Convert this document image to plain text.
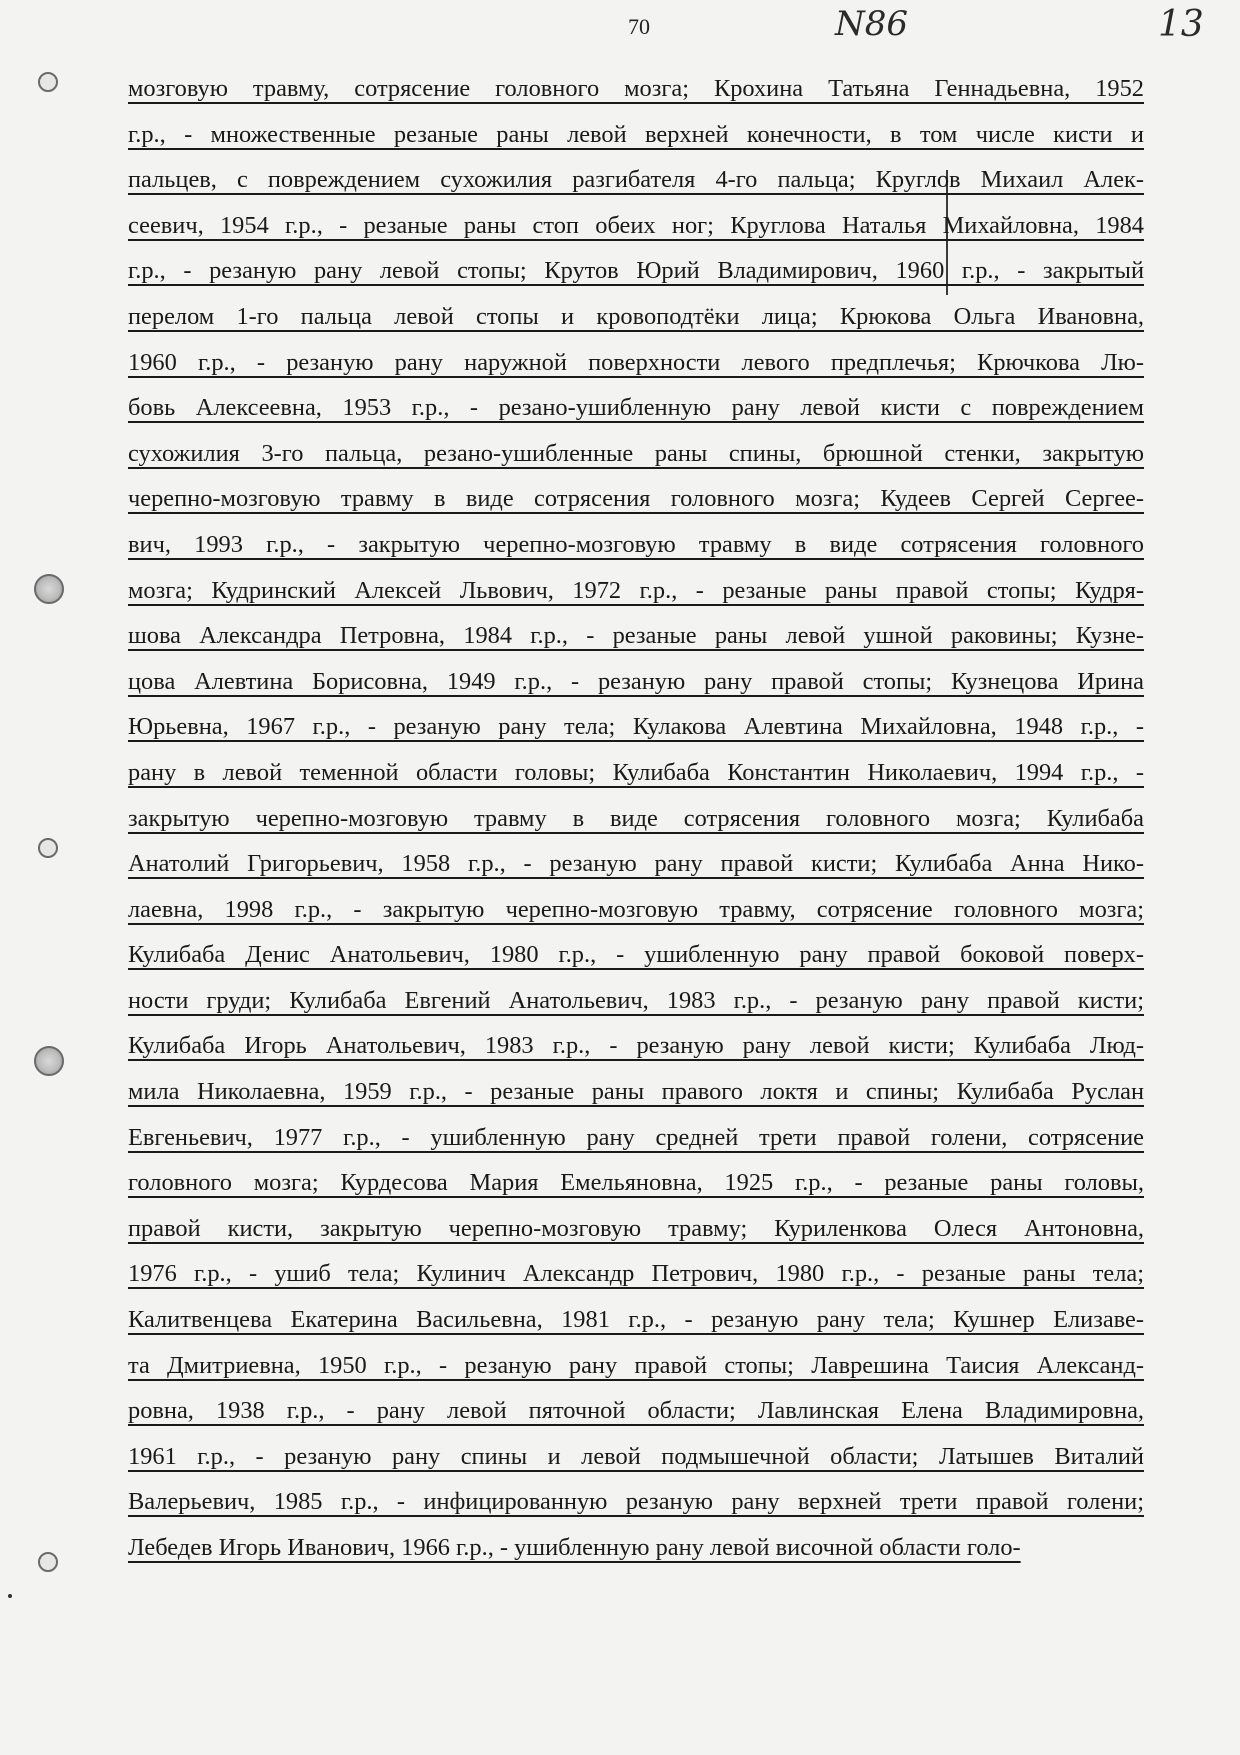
70	N86	13
мозговую травму, сотрясение головного мозга; Крохина Татьяна Геннадьевна, 1952
г.р., - множественные резаные раны левой верхней конечности, в том числе кисти и
пальцев, с повреждением сухожилия разгибателя 4-го пальца; Круглов Михаил Алек-
сеевич, 1954 г.р., - резаные раны стоп обеих ног; Круглова Наталья Михайловна, 1984
г.р., - резаную рану левой стопы; Крутов Юрий Владимирович, 1960 г.р., - закрытый
перелом 1-го пальца левой стопы и кровоподтёки лица; Крюкова Ольга Ивановна,
1960 г.р., - резаную рану наружной поверхности левого предплечья; Крючкова Лю-
бовь Алексеевна, 1953 г.р., - резано-ушибленную рану левой кисти с повреждением
сухожилия 3-го пальца, резано-ушибленные раны спины, брюшной стенки, закрытую
черепно-мозговую травму в виде сотрясения головного мозга; Кудеев Сергей Сергее-
вич, 1993 г.р., - закрытую черепно-мозговую травму в виде сотрясения головного
мозга; Кудринский Алексей Львович, 1972 г.р., - резаные раны правой стопы; Кудря-
шова Александра Петровна, 1984 г.р., - резаные раны левой ушной раковины; Кузне-
цова Алевтина Борисовна, 1949 г.р., - резаную рану правой стопы; Кузнецова Ирина
Юрьевна, 1967 г.р., - резаную рану тела; Кулакова Алевтина Михайловна, 1948 г.р., -
рану в левой теменной области головы; Кулибаба Константин Николаевич, 1994 г.р., -
закрытую черепно-мозговую травму в виде сотрясения головного мозга; Кулибаба
Анатолий Григорьевич, 1958 г.р., - резаную рану правой кисти; Кулибаба Анна Нико-
лаевна, 1998 г.р., - закрытую черепно-мозговую травму, сотрясение головного мозга;
Кулибаба Денис Анатольевич, 1980 г.р., - ушибленную рану правой боковой поверх-
ности груди; Кулибаба Евгений Анатольевич, 1983 г.р., - резаную рану правой кисти;
Кулибаба Игорь Анатольевич, 1983 г.р., - резаную рану левой кисти; Кулибаба Люд-
мила Николаевна, 1959 г.р., - резаные раны правого локтя и спины; Кулибаба Руслан
Евгеньевич, 1977 г.р., - ушибленную рану средней трети правой голени, сотрясение
головного мозга; Курдесова Мария Емельяновна, 1925 г.р., - резаные раны головы,
правой кисти, закрытую черепно-мозговую травму; Куриленкова Олеся Антоновна,
1976 г.р., - ушиб тела; Кулинич Александр Петрович, 1980 г.р., - резаные раны тела;
Калитвенцева Екатерина Васильевна, 1981 г.р., - резаную рану тела; Кушнер Елизаве-
та Дмитриевна, 1950 г.р., - резаную рану правой стопы; Лаврешина Таисия Александ-
ровна, 1938 г.р., - рану левой пяточной области; Лавлинская Елена Владимировна,
1961 г.р., - резаную рану спины и левой подмышечной области; Латышев Виталий
Валерьевич, 1985 г.р., - инфицированную резаную рану верхней трети правой голени;
Лебедев Игорь Иванович, 1966 г.р., - ушибленную рану левой височной области голо-
